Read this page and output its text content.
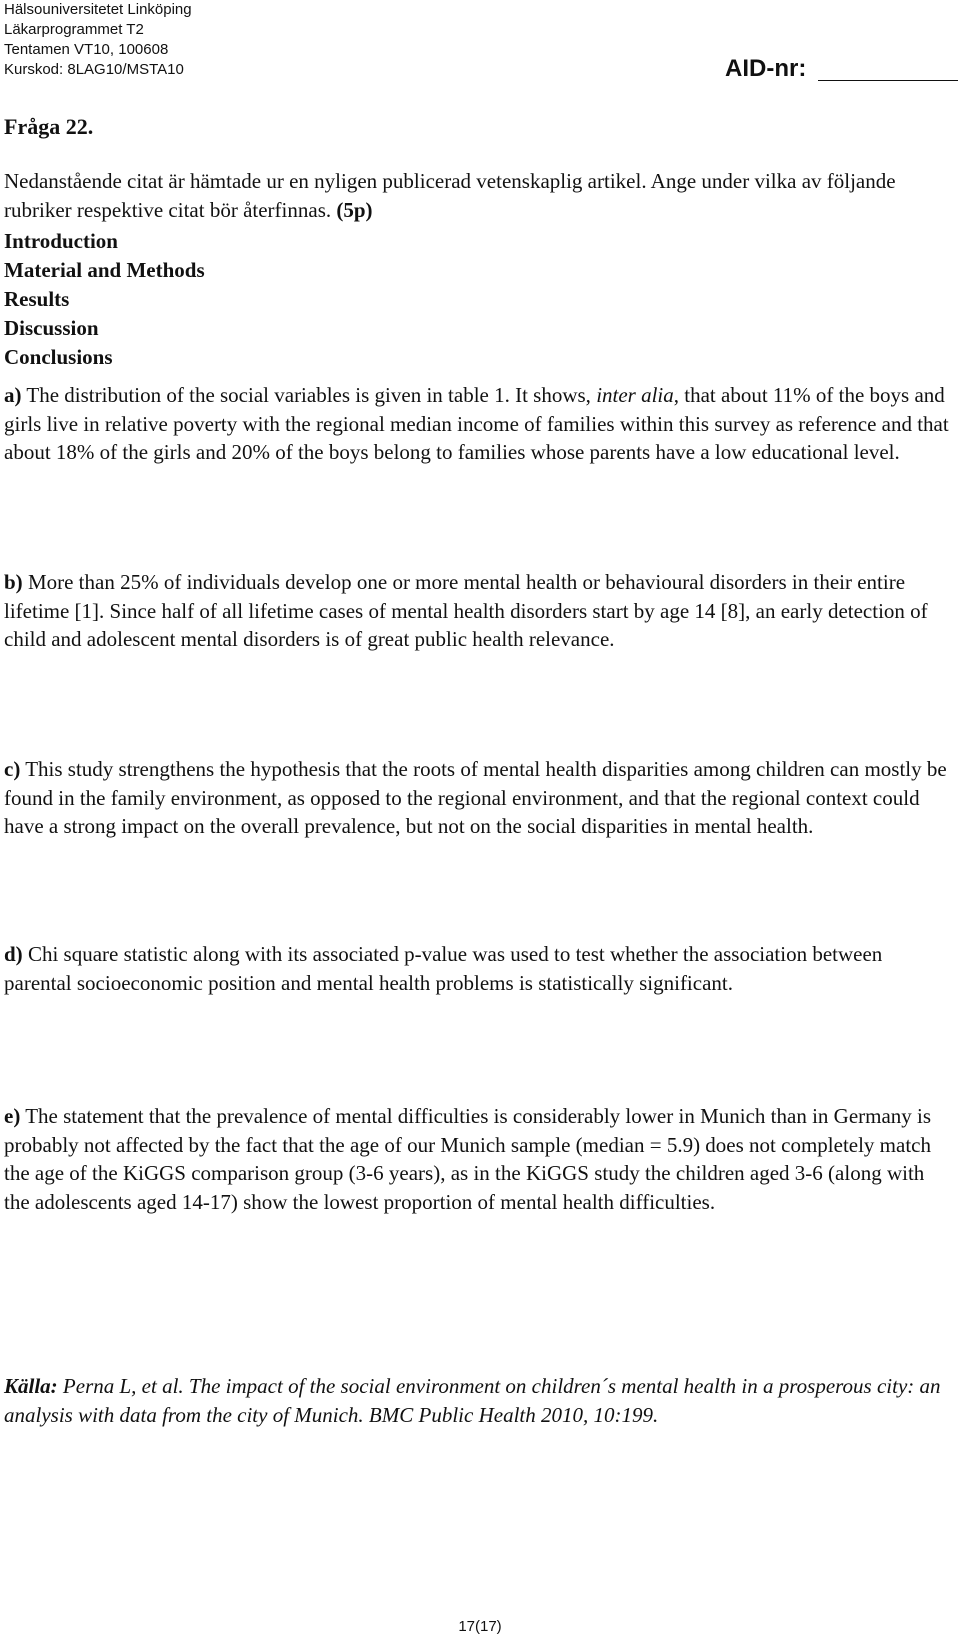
Hälsouniversitetet Linköping
Läkarprogrammet T2
Tentamen VT10, 100608
Kurskod: 8LAG10/MSTA10	AID-nr:
Fråga 22.
Nedanstående citat är hämtade ur en nyligen publicerad vetenskaplig artikel. Ange under vilka av följande rubriker respektive citat bör återfinnas. (5p)
Introduction
Material and Methods
Results
Discussion
Conclusions
a) The distribution of the social variables is given in table 1. It shows, inter alia, that about 11% of the boys and girls live in relative poverty with the regional median income of families within this survey as reference and that about 18% of the girls and 20% of the boys belong to families whose parents have a low educational level.
b) More than 25% of individuals develop one or more mental health or behavioural disorders in their entire lifetime [1]. Since half of all lifetime cases of mental health disorders start by age 14 [8], an early detection of child and adolescent mental disorders is of great public health relevance.
c) This study strengthens the hypothesis that the roots of mental health disparities among children can mostly be found in the family environment, as opposed to the regional environment, and that the regional context could have a strong impact on the overall prevalence, but not on the social disparities in mental health.
d) Chi square statistic along with its associated p-value was used to test whether the association between parental socioeconomic position and mental health problems is statistically significant.
e) The statement that the prevalence of mental difficulties is considerably lower in Munich than in Germany is probably not affected by the fact that the age of our Munich sample (median = 5.9) does not completely match the age of the KiGGS comparison group (3-6 years), as in the KiGGS study the children aged 3-6 (along with the adolescents aged 14-17) show the lowest proportion of mental health difficulties.
Källa: Perna L, et al. The impact of the social environment on children´s mental health in a prosperous city: an analysis with data from the city of Munich. BMC Public Health 2010, 10:199.
17(17)
